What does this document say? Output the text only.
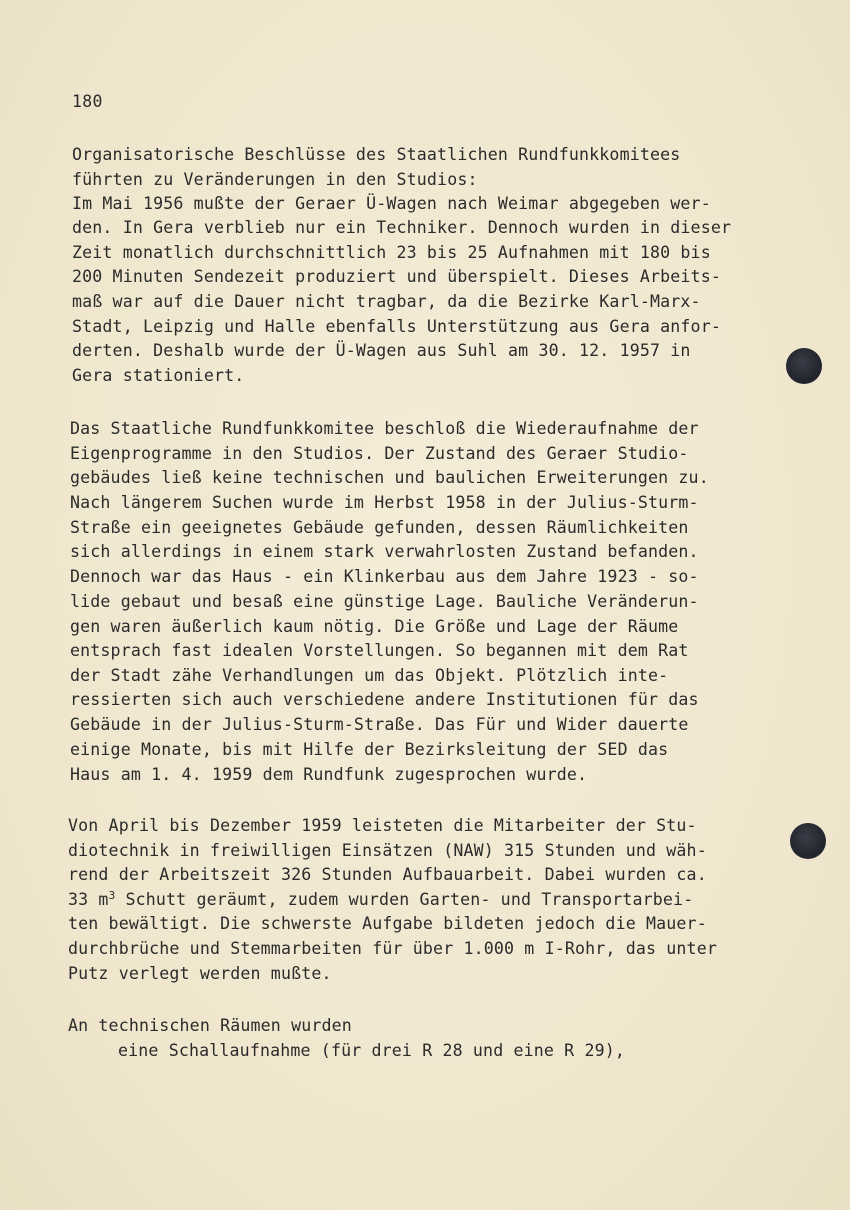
180
Organisatorische Beschlüsse des Staatlichen Rundfunkkomitees
führten zu Veränderungen in den Studios:
Im Mai 1956 mußte der Geraer Ü-Wagen nach Weimar abgegeben wer-
den. In Gera verblieb nur ein Techniker. Dennoch wurden in dieser
Zeit monatlich durchschnittlich 23 bis 25 Aufnahmen mit 180 bis
200 Minuten Sendezeit produziert und überspielt. Dieses Arbeits-
maß war auf die Dauer nicht tragbar, da die Bezirke Karl-Marx-
Stadt, Leipzig und Halle ebenfalls Unterstützung aus Gera anfor-
derten. Deshalb wurde der Ü-Wagen aus Suhl am 30. 12. 1957 in
Gera stationiert.
Das Staatliche Rundfunkkomitee beschloß die Wiederaufnahme der
Eigenprogramme in den Studios. Der Zustand des Geraer Studio-
gebäudes ließ keine technischen und baulichen Erweiterungen zu.
Nach längerem Suchen wurde im Herbst 1958 in der Julius-Sturm-
Straße ein geeignetes Gebäude gefunden, dessen Räumlichkeiten
sich allerdings in einem stark verwahrlosten Zustand befanden.
Dennoch war das Haus - ein Klinkerbau aus dem Jahre 1923 - so-
lide gebaut und besaß eine günstige Lage. Bauliche Veränderun-
gen waren äußerlich kaum nötig. Die Größe und Lage der Räume
entsprach fast idealen Vorstellungen. So begannen mit dem Rat
der Stadt zähe Verhandlungen um das Objekt. Plötzlich inte-
ressierten sich auch verschiedene andere Institutionen für das
Gebäude in der Julius-Sturm-Straße. Das Für und Wider dauerte
einige Monate, bis mit Hilfe der Bezirksleitung der SED das
Haus am 1. 4. 1959 dem Rundfunk zugesprochen wurde.
Von April bis Dezember 1959 leisteten die Mitarbeiter der Stu-
diotechnik in freiwilligen Einsätzen (NAW) 315 Stunden und wäh-
rend der Arbeitszeit 326 Stunden Aufbauarbeit. Dabei wurden ca.
33 $m^3$ Schutt geräumt, zudem wurden Garten- und Transportarbei-
ten bewältigt. Die schwerste Aufgabe bildeten jedoch die Mauer-
durchbrüche und Stemmarbeiten für über 1.000 m I-Rohr, das unter
Putz verlegt werden mußte.
An technischen Räumen wurden
eine Schallaufnahme (für drei R 28 und eine R 29),
